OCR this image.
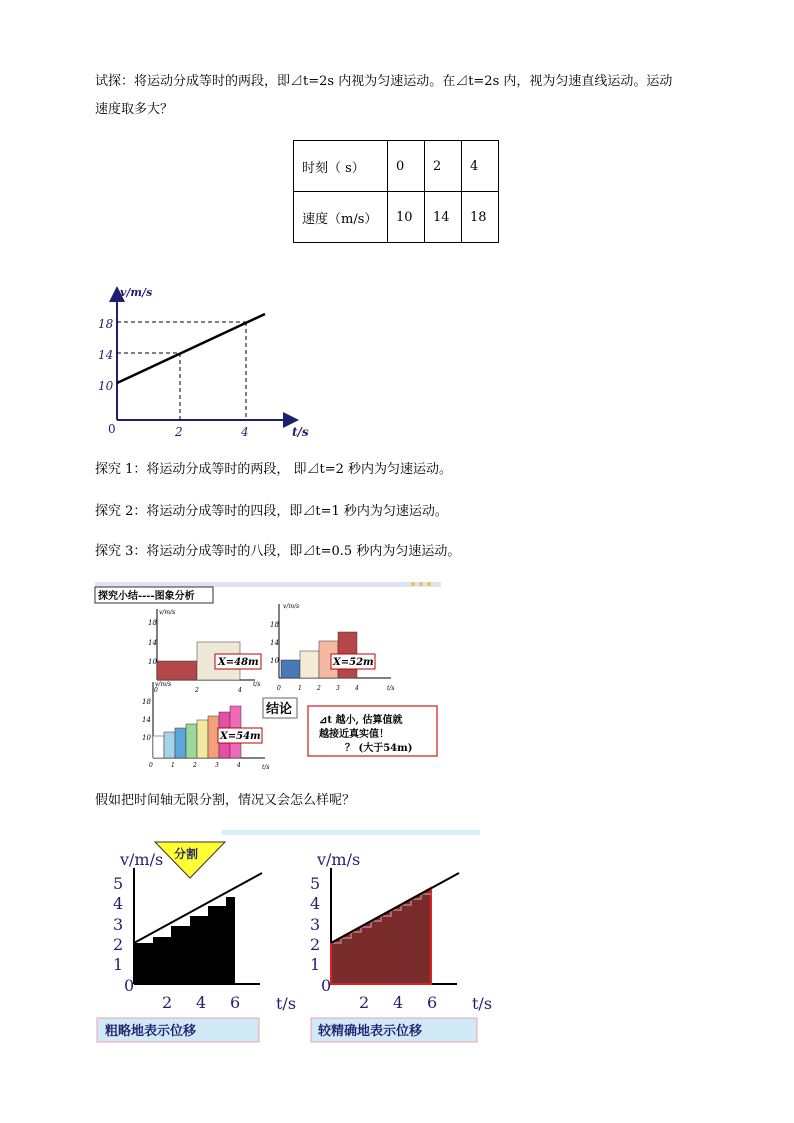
试探：将运动分成等时的两段，即⊿t=2s 内视为匀速运动。在⊿t=2s 内，视为匀速直线运动。运动
速度取多大？
时刻（ s）	0	2	4
速度（m/s）	10	14	18
v/m/s
t/s
0
18
14
10
2	4
探究 1：将运动分成等时的两段， 即⊿t=2 秒内为匀速运动。
探究 2：将运动分成等时的四段，即⊿t=1 秒内为匀速运动。
探究 3：将运动分成等时的八段，即⊿t=0.5 秒内为匀速运动。
探究小结----图象分析
v/m/s
t/s
18
14
10
0	2	4
X=48m
v/m/s
t/s
18
14
10
0	1	2	3	4
X=52m
v/m/s
t/s
18
14
10
0	1	2	3	4
X=54m
结论
⊿t 越小, 估算值就
越接近真实值！
？ (大于54m)
假如把时间轴无限分割，情况又会怎么样呢？
分割
v/m/s
5
4
3
2
1
0
2 4 6 t/s
粗略地表示位移
v/m/s
5
4
3
2
1
0
2 4 6 t/s
较精确地表示位移
